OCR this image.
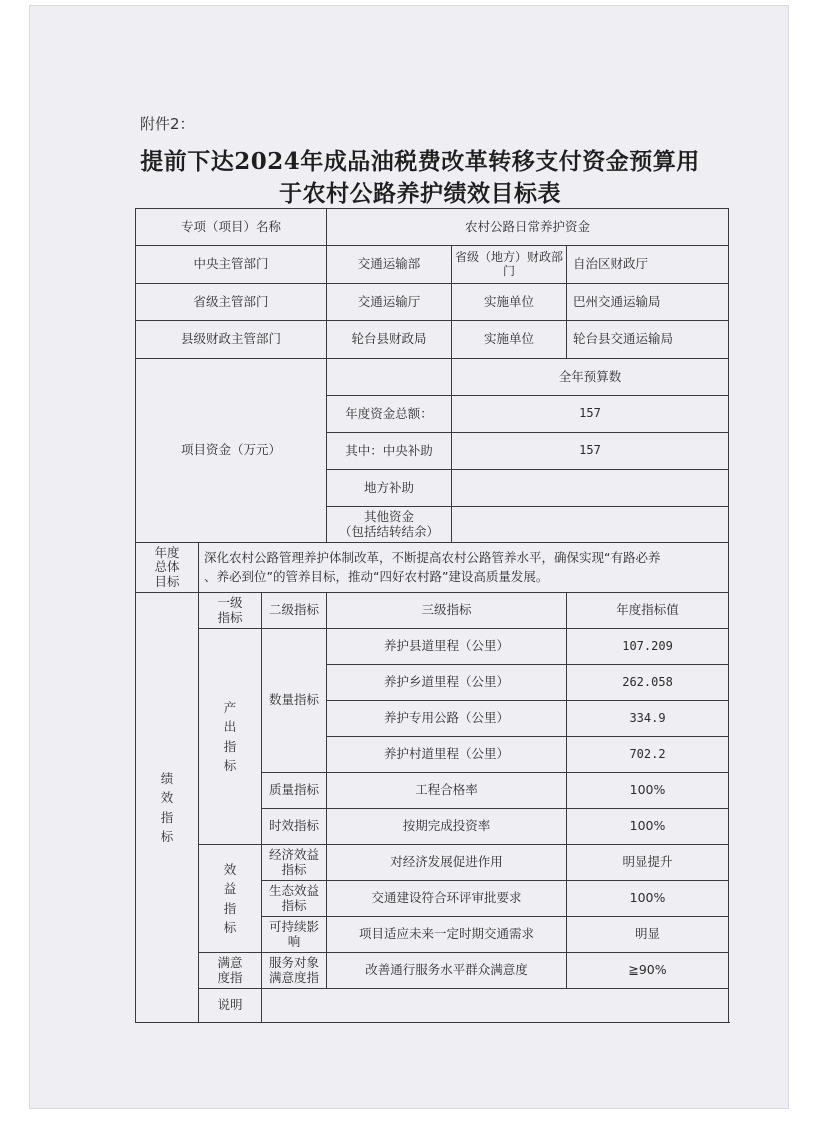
附件2：
提前下达2024年成品油税费改革转移支付资金预算用
于农村公路养护绩效目标表
专项（项目）名称			农村公路日常养护资金		
中央主管部门			交通运输部	省级（地方）财政部门	自治区财政厅
省级主管部门			交通运输厅	实施单位	巴州交通运输局
县级财政主管部门			轮台县财政局	实施单位	轮台县交通运输局
项目资金（万元）				全年预算数	
			年度资金总额：	157	
			其中：中央补助	157	
			地方补助		
			其他资金
（包括结转结余）		
年度
总体
目标	深化农村公路管理养护体制改革，不断提高农村公路管养水平，确保实现“有路必养
、养必到位”的管养目标，推动“四好农村路”建设高质量发展。				
绩
效
指
标	一级
指标	二级指标	三级指标		年度指标值
	产
出
指
标	数量指标	养护县道里程（公里）		107.209
			养护乡道里程（公里）		262.058
			养护专用公路（公里）		334.9
			养护村道里程（公里）		702.2
		质量指标	工程合格率		100%
		时效指标	按期完成投资率		100%
	效
益
指
标	经济效益
指标	对经济发展促进作用		明显提升
		生态效益
指标	交通建设符合环评审批要求		100%
		可持续影
响	项目适应未来一定时期交通需求		明显
	满意
度指	服务对象
满意度指	改善通行服务水平群众满意度		≧90%
	说明				
